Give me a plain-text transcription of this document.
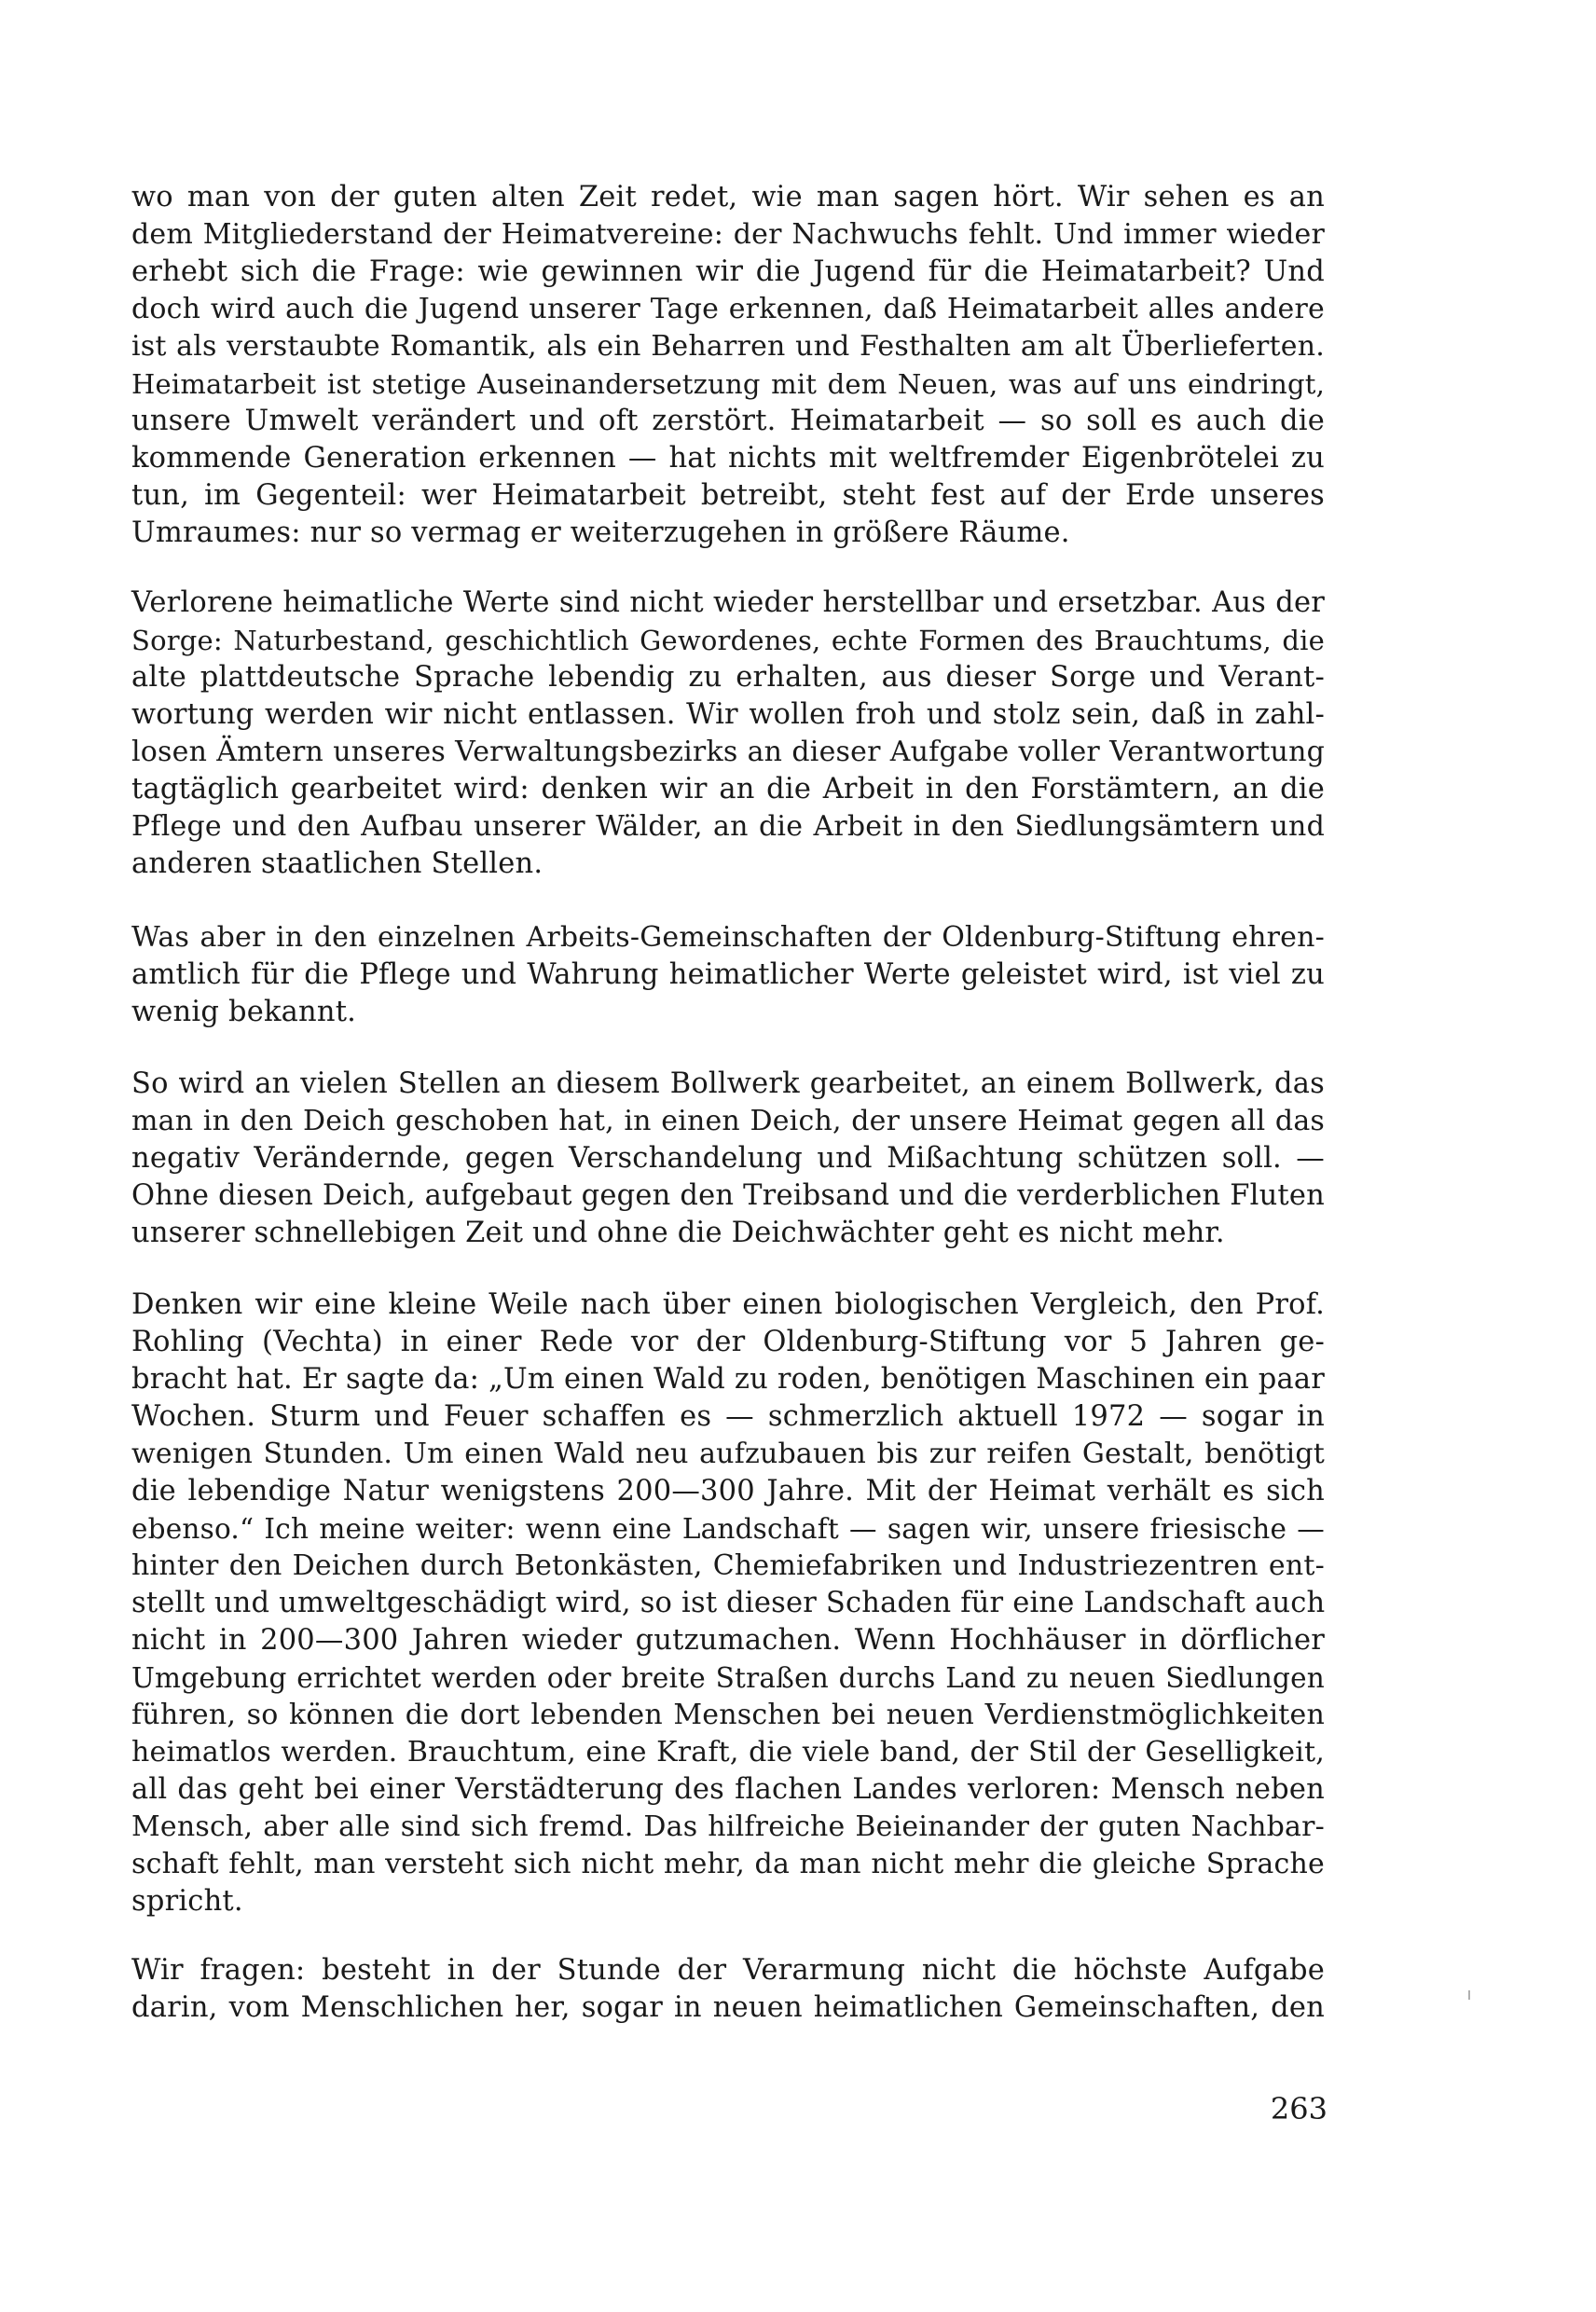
wo man von der guten alten Zeit redet, wie man sagen hört. Wir sehen es an
dem Mitgliederstand der Heimatvereine: der Nachwuchs fehlt. Und immer wieder
erhebt sich die Frage: wie gewinnen wir die Jugend für die Heimatarbeit? Und
doch wird auch die Jugend unserer Tage erkennen, daß Heimatarbeit alles andere
ist als verstaubte Romantik, als ein Beharren und Festhalten am alt Überlieferten.
Heimatarbeit ist stetige Auseinandersetzung mit dem Neuen, was auf uns eindringt,
unsere Umwelt verändert und oft zerstört. Heimatarbeit — so soll es auch die
kommende Generation erkennen — hat nichts mit weltfremder Eigenbrötelei zu
tun, im Gegenteil: wer Heimatarbeit betreibt, steht fest auf der Erde unseres
Umraumes: nur so vermag er weiterzugehen in größere Räume.
Verlorene heimatliche Werte sind nicht wieder herstellbar und ersetzbar. Aus der
Sorge: Naturbestand, geschichtlich Gewordenes, echte Formen des Brauchtums, die
alte plattdeutsche Sprache lebendig zu erhalten, aus dieser Sorge und Verant-
wortung werden wir nicht entlassen. Wir wollen froh und stolz sein, daß in zahl-
losen Ämtern unseres Verwaltungsbezirks an dieser Aufgabe voller Verantwortung
tagtäglich gearbeitet wird: denken wir an die Arbeit in den Forstämtern, an die
Pflege und den Aufbau unserer Wälder, an die Arbeit in den Siedlungsämtern und
anderen staatlichen Stellen.
Was aber in den einzelnen Arbeits-Gemeinschaften der Oldenburg-Stiftung ehren-
amtlich für die Pflege und Wahrung heimatlicher Werte geleistet wird, ist viel zu
wenig bekannt.
So wird an vielen Stellen an diesem Bollwerk gearbeitet, an einem Bollwerk, das
man in den Deich geschoben hat, in einen Deich, der unsere Heimat gegen all das
negativ Verändernde, gegen Verschandelung und Mißachtung schützen soll. —
Ohne diesen Deich, aufgebaut gegen den Treibsand und die verderblichen Fluten
unserer schnellebigen Zeit und ohne die Deichwächter geht es nicht mehr.
Denken wir eine kleine Weile nach über einen biologischen Vergleich, den Prof.
Rohling (Vechta) in einer Rede vor der Oldenburg-Stiftung vor 5 Jahren ge-
bracht hat. Er sagte da: „Um einen Wald zu roden, benötigen Maschinen ein paar
Wochen. Sturm und Feuer schaffen es — schmerzlich aktuell 1972 — sogar in
wenigen Stunden. Um einen Wald neu aufzubauen bis zur reifen Gestalt, benötigt
die lebendige Natur wenigstens 200—300 Jahre. Mit der Heimat verhält es sich
ebenso.“ Ich meine weiter: wenn eine Landschaft — sagen wir, unsere friesische —
hinter den Deichen durch Betonkästen, Chemiefabriken und Industriezentren ent-
stellt und umweltgeschädigt wird, so ist dieser Schaden für eine Landschaft auch
nicht in 200—300 Jahren wieder gutzumachen. Wenn Hochhäuser in dörflicher
Umgebung errichtet werden oder breite Straßen durchs Land zu neuen Siedlungen
führen, so können die dort lebenden Menschen bei neuen Verdienstmöglichkeiten
heimatlos werden. Brauchtum, eine Kraft, die viele band, der Stil der Geselligkeit,
all das geht bei einer Verstädterung des flachen Landes verloren: Mensch neben
Mensch, aber alle sind sich fremd. Das hilfreiche Beieinander der guten Nachbar-
schaft fehlt, man versteht sich nicht mehr, da man nicht mehr die gleiche Sprache
spricht.
Wir fragen: besteht in der Stunde der Verarmung nicht die höchste Aufgabe
darin, vom Menschlichen her, sogar in neuen heimatlichen Gemeinschaften, den
263
